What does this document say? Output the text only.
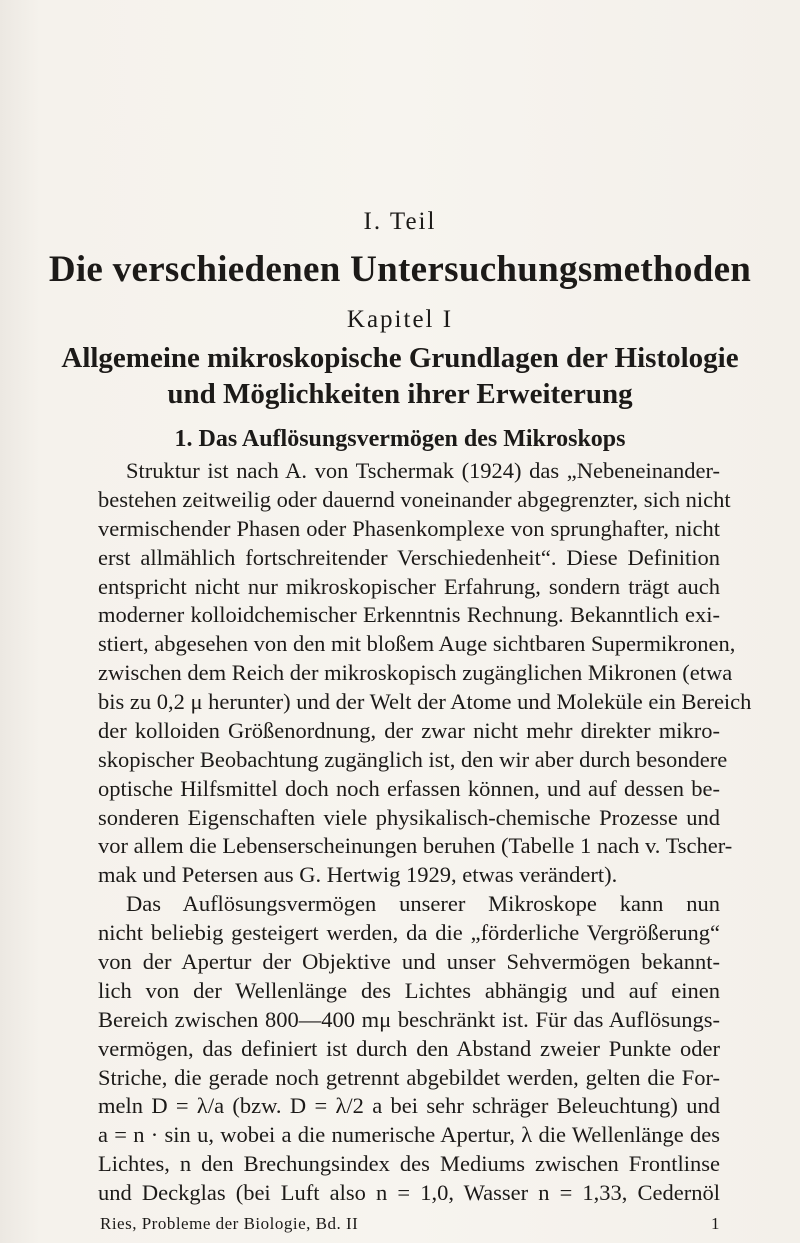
I. Teil
Die verschiedenen Untersuchungsmethoden
Kapitel I
Allgemeine mikroskopische Grundlagen der Histologie
und Möglichkeiten ihrer Erweiterung
1. Das Auflösungsvermögen des Mikroskops
Struktur ist nach A. von Tschermak (1924) das „Nebeneinander-
bestehen zeitweilig oder dauernd voneinander abgegrenzter, sich nicht
vermischender Phasen oder Phasenkomplexe von sprunghafter, nicht
erst allmählich fortschreitender Verschiedenheit“. Diese Definition
entspricht nicht nur mikroskopischer Erfahrung, sondern trägt auch
moderner kolloidchemischer Erkenntnis Rechnung. Bekanntlich exi-
stiert, abgesehen von den mit bloßem Auge sichtbaren Supermikronen,
zwischen dem Reich der mikroskopisch zugänglichen Mikronen (etwa
bis zu 0,2 μ herunter) und der Welt der Atome und Moleküle ein Bereich
der kolloiden Größenordnung, der zwar nicht mehr direkter mikro-
skopischer Beobachtung zugänglich ist, den wir aber durch besondere
optische Hilfsmittel doch noch erfassen können, und auf dessen be-
sonderen Eigenschaften viele physikalisch-chemische Prozesse und
vor allem die Lebenserscheinungen beruhen (Tabelle 1 nach v. Tscher-
mak und Petersen aus G. Hertwig 1929, etwas verändert).
Das Auflösungsvermögen unserer Mikroskope kann nun
nicht beliebig gesteigert werden, da die „förderliche Vergrößerung“
von der Apertur der Objektive und unser Sehvermögen bekannt-
lich von der Wellenlänge des Lichtes abhängig und auf einen
Bereich zwischen 800—400 mμ beschränkt ist. Für das Auflösungs-
vermögen, das definiert ist durch den Abstand zweier Punkte oder
Striche, die gerade noch getrennt abgebildet werden, gelten die For-
meln D = λ/a (bzw. D = λ/2 a bei sehr schräger Beleuchtung) und
a = n · sin u, wobei a die numerische Apertur, λ die Wellenlänge des
Lichtes, n den Brechungsindex des Mediums zwischen Frontlinse
und Deckglas (bei Luft also n = 1,0, Wasser n = 1,33, Cedernöl
Ries, Probleme der Biologie, Bd. II	1
